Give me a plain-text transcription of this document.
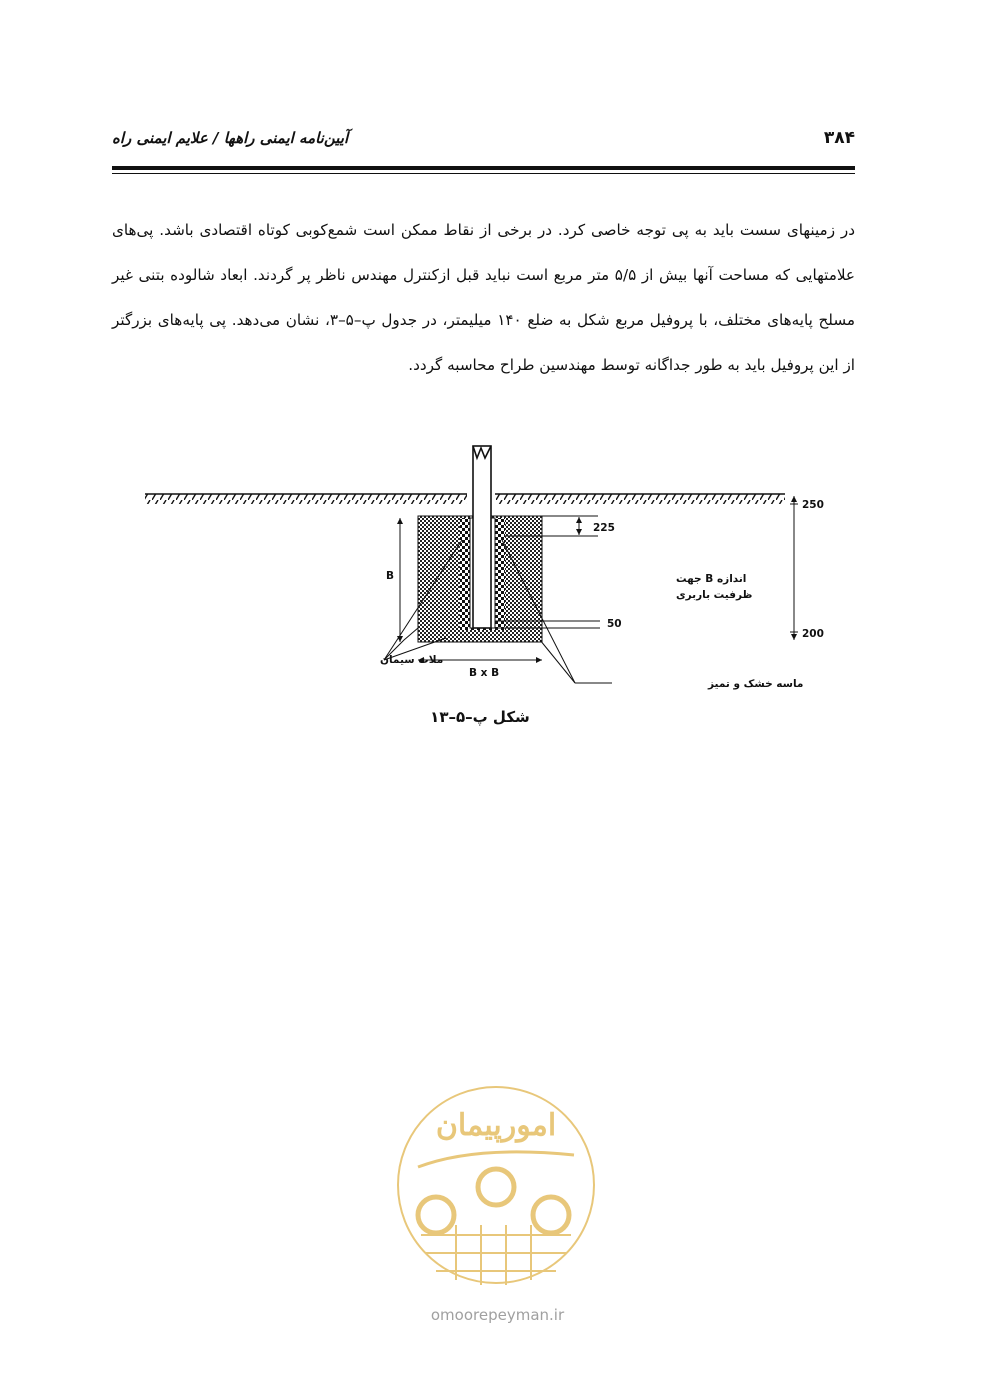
آیین‌نامه ایمنی راهها / علایم ایمنی راه	۳۸۴

در زمینهای سست باید به پی توجه خاصی کرد. در برخی از نقاط ممکن است شمع‌کوبی کوتاه اقتصادی باشد. پی‌های علامتهایی که مساحت آنها بیش از ۵/۵ متر مربع است نباید قبل ازکنترل مهندس ناظر پر گردند. ابعاد شالوده بتنی غیر مسلح پایه‌های مختلف، با پروفیل مربع شکل به ضلع ۱۴۰ میلیمتر، در جدول پ–۵–۳، نشان می‌دهد. پی پایه‌های بزرگتر از این پروفیل باید به طور جداگانه توسط مهندسین طراح محاسبه گردد.

225
50
250
200
B
B x B
اندازه B جهت
ظرفیت باربری
ملات سیمان
ماسه خشک و تمیز
شکل پ–۵–۱۳
امورپیمان
omoorepeyman.ir
